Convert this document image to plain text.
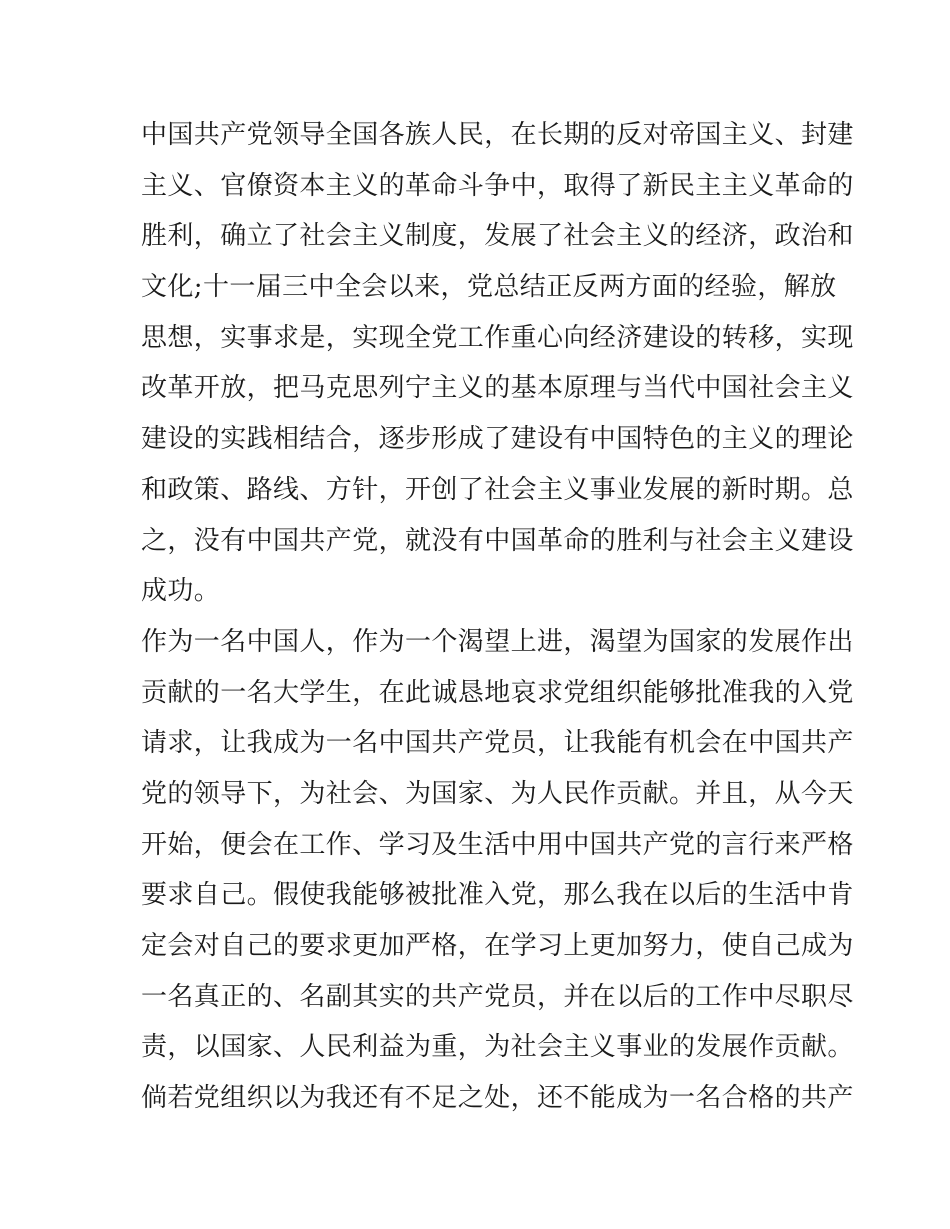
中国共产党领导全国各族人民，在长期的反对帝国主义、封建
主义、官僚资本主义的革命斗争中，取得了新民主主义革命的
胜利，确立了社会主义制度，发展了社会主义的经济，政治和
文化;十一届三中全会以来，党总结正反两方面的经验，解放
思想，实事求是，实现全党工作重心向经济建设的转移，实现
改革开放，把马克思列宁主义的基本原理与当代中国社会主义
建设的实践相结合，逐步形成了建设有中国特色的主义的理论
和政策、路线、方针，开创了社会主义事业发展的新时期。总
之，没有中国共产党，就没有中国革命的胜利与社会主义建设
成功。
作为一名中国人，作为一个渴望上进，渴望为国家的发展作出
贡献的一名大学生，在此诚恳地哀求党组织能够批准我的入党
请求，让我成为一名中国共产党员，让我能有机会在中国共产
党的领导下，为社会、为国家、为人民作贡献。并且，从今天
开始，便会在工作、学习及生活中用中国共产党的言行来严格
要求自己。假使我能够被批准入党，那么我在以后的生活中肯
定会对自己的要求更加严格，在学习上更加努力，使自己成为
一名真正的、名副其实的共产党员，并在以后的工作中尽职尽
责，以国家、人民利益为重，为社会主义事业的发展作贡献。
倘若党组织以为我还有不足之处，还不能成为一名合格的共产
